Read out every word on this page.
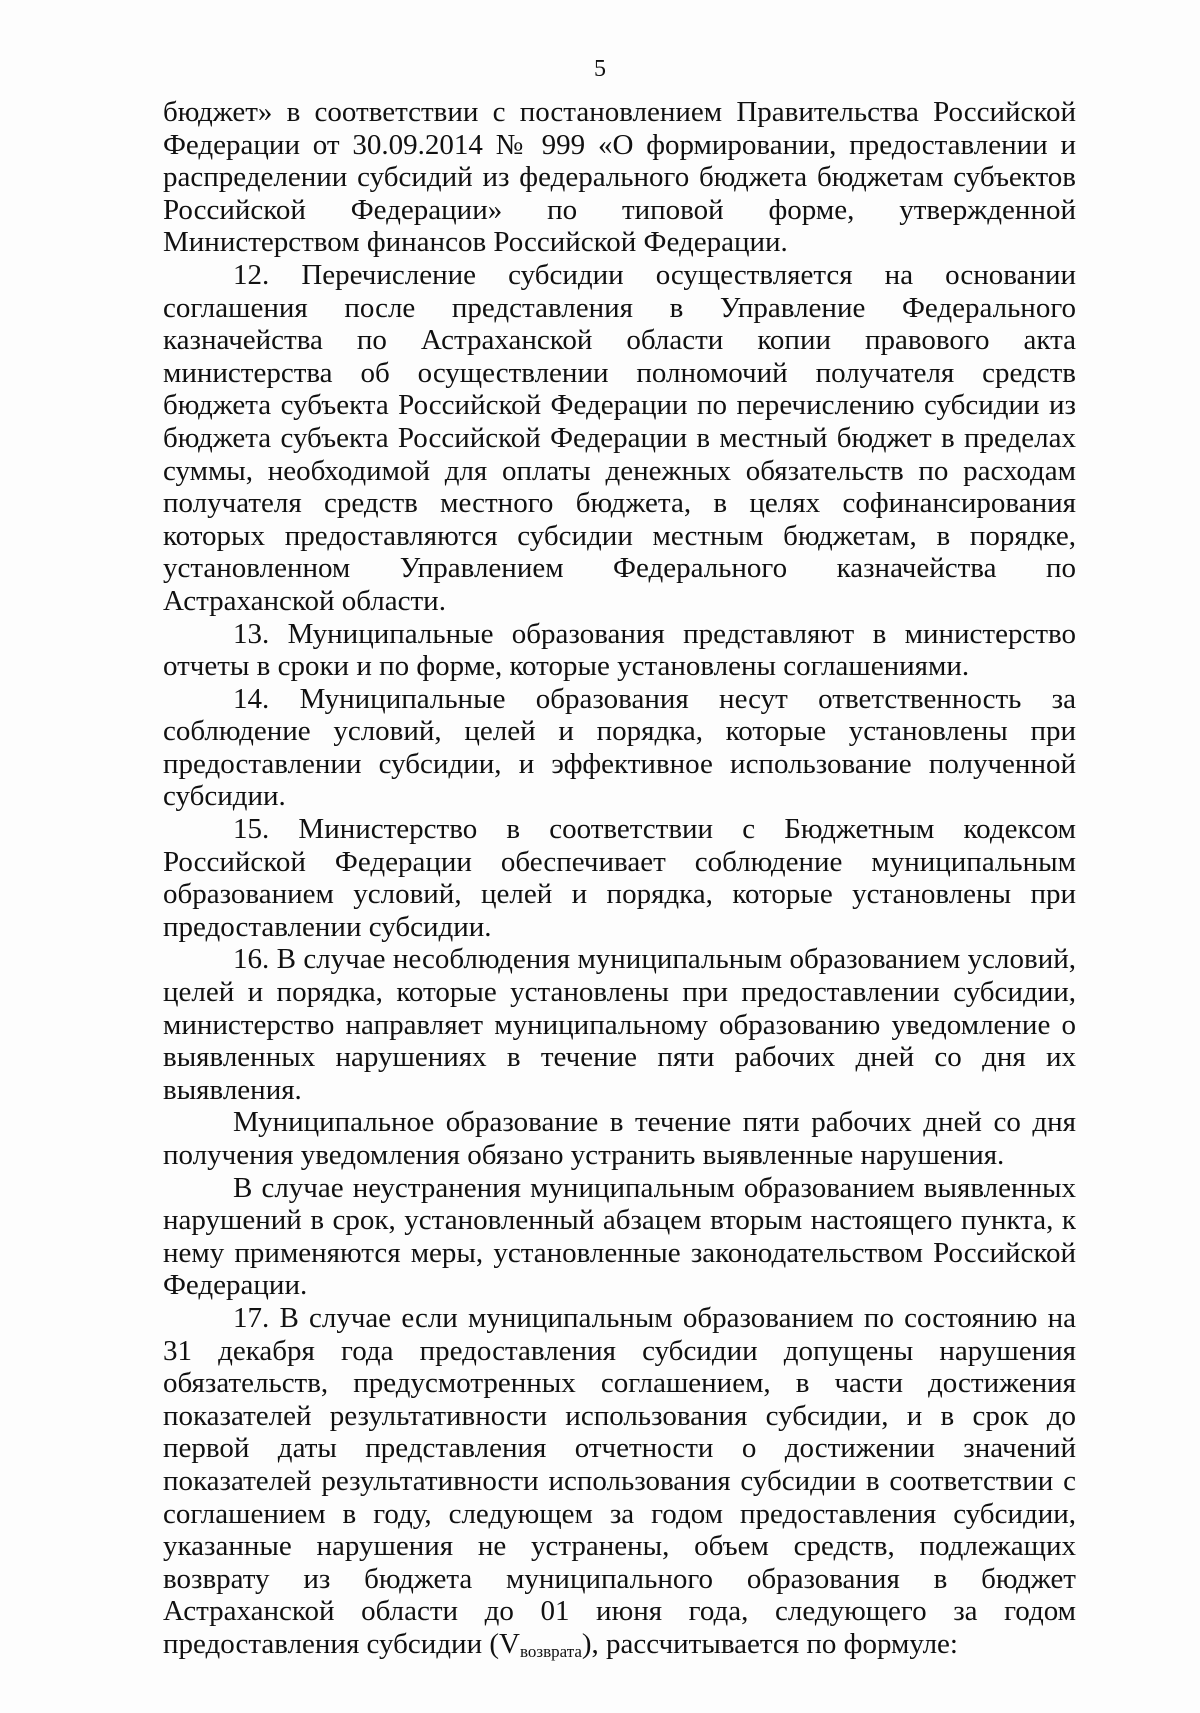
5

бюджет» в соответствии с постановлением Правительства Российской Федерации от 30.09.2014 № 999 «О формировании, предоставлении и распределении субсидий из федерального бюджета бюджетам субъектов Российской Федерации» по типовой форме, утвержденной Министерством финансов Российской Федерации.

12. Перечисление субсидии осуществляется на основании соглашения после представления в Управление Федерального казначейства по Астраханской области копии правового акта министерства об осуществлении полномочий получателя средств бюджета субъекта Российской Федерации по перечислению субсидии из бюджета субъекта Российской Федерации в местный бюджет в пределах суммы, необходимой для оплаты денежных обязательств по расходам получателя средств местного бюджета, в целях софинансирования которых предоставляются субсидии местным бюджетам, в порядке, установленном Управлением Федерального казначейства по Астраханской области.

13. Муниципальные образования представляют в министерство отчеты в сроки и по форме, которые установлены соглашениями.

14. Муниципальные образования несут ответственность за соблюдение условий, целей и порядка, которые установлены при предоставлении субсидии, и эффективное использование полученной субсидии.

15. Министерство в соответствии с Бюджетным кодексом Российской Федерации обеспечивает соблюдение муниципальным образованием условий, целей и порядка, которые установлены при предоставлении субсидии.

16. В случае несоблюдения муниципальным образованием условий, целей и порядка, которые установлены при предоставлении субсидии, министерство направляет муниципальному образованию уведомление о выявленных нарушениях в течение пяти рабочих дней со дня их выявления.

Муниципальное образование в течение пяти рабочих дней со дня получения уведомления обязано устранить выявленные нарушения.

В случае неустранения муниципальным образованием выявленных нарушений в срок, установленный абзацем вторым настоящего пункта, к нему применяются меры, установленные законодательством Российской Федерации.

17. В случае если муниципальным образованием по состоянию на 31 декабря года предоставления субсидии допущены нарушения обязательств, предусмотренных соглашением, в части достижения показателей результативности использования субсидии, и в срок до первой даты представления отчетности о достижении значений показателей результативности использования субсидии в соответствии с соглашением в году, следующем за годом предоставления субсидии, указанные нарушения не устранены, объем средств, подлежащих возврату из бюджета муниципального образования в бюджет Астраханской области до 01 июня года, следующего за годом предоставления субсидии $(V_{возврата})$, рассчитывается по формуле:
